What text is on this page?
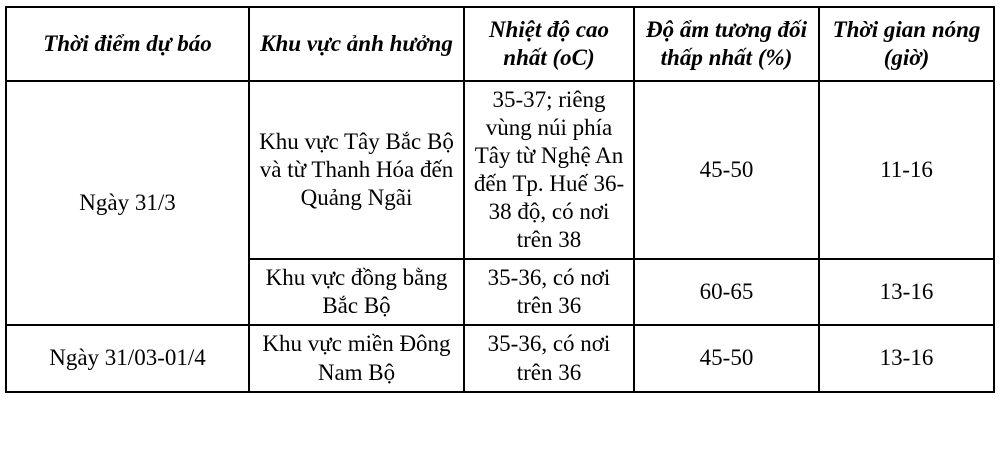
Thời điểm dự báo	Khu vực ảnh hưởng	Nhiệt độ cao nhất (oC)	Độ ẩm tương đối thấp nhất (%)	Thời gian nóng (giờ)
Ngày 31/3	Khu vực Tây Bắc Bộ và từ Thanh Hóa đến Quảng Ngãi	35-37; riêng vùng núi phía Tây từ Nghệ An đến Tp. Huế 36-38 độ, có nơi trên 38	45-50	11-16
	Khu vực đồng bằng Bắc Bộ	35-36, có nơi trên 36	60-65	13-16
Ngày 31/03-01/4	Khu vực miền Đông Nam Bộ	35-36, có nơi trên 36	45-50	13-16
